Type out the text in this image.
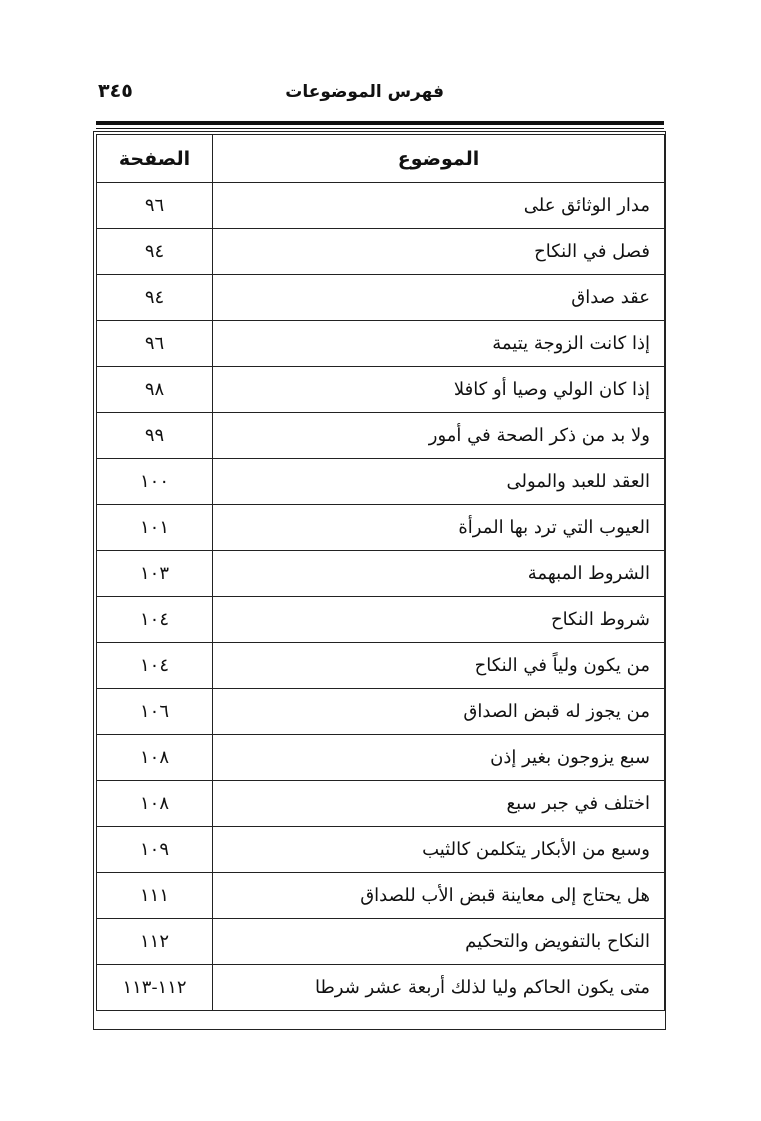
فهرس الموضوعات
٣٤٥
الموضوع	الصفحة
مدار الوثائق على	٩٦
فصل في النكاح	٩٤
عقد صداق	٩٤
إذا كانت الزوجة يتيمة	٩٦
إذا كان الولي وصيا أو كافلا	٩٨
ولا بد من ذكر الصحة في أمور	٩٩
العقد للعبد والمولى	١٠٠
العيوب التي ترد بها المرأة	١٠١
الشروط المبهمة	١٠٣
شروط النكاح	١٠٤
من يكون ولياً في النكاح	١٠٤
من يجوز له قبض الصداق	١٠٦
سبع يزوجون بغير إذن	١٠٨
اختلف في جبر سبع	١٠٨
وسبع من الأبكار يتكلمن كالثيب	١٠٩
هل يحتاج إلى معاينة قبض الأب للصداق	١١١
النكاح بالتفويض والتحكيم	١١٢
متى يكون الحاكم وليا لذلك أربعة عشر شرطا	١١٢-١١٣
